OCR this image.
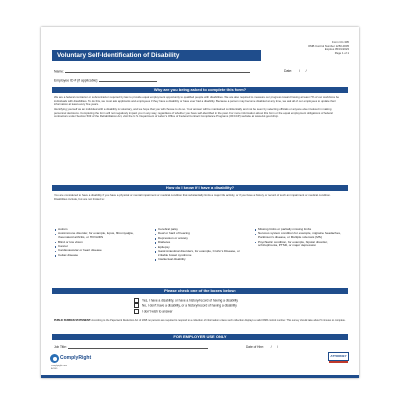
Form CC-305
OMB Control Number 1250-0005
Expires 05/31/2023
Page 1 of 1
Voluntary Self-Identification of Disability
Name:	Date: /      /
Employee ID # (if applicable):
Why are you being asked to complete this form?

We are a federal contractor or subcontractor required by law to provide equal employment opportunity to qualified people with disabilities. We are also required to measure our progress toward having at least 7% of our workforce be individuals with disabilities. To do this, we must ask applicants and employees if they have a disability or have ever had a disability. Because a person may become disabled at any time, we ask all of our employees to update their information at least every five years.

Identifying yourself as an individual with a disability is voluntary, and we hope that you will choose to do so. Your answer will be maintained confidentially and not be seen by selecting officials or anyone else involved in making personnel decisions. Completing the form will not negatively impact you in any way, regardless of whether you have self-identified in the past. For more information about this form or the equal employment obligations of federal contractors under Section 503 of the Rehabilitation Act, visit the U.S. Department of Labor's Office of Federal Contract Compliance Programs (OFCCP) website at www.dol.gov/ofccp.

How do I know if I have a disability?
You are considered to have a disability if you have a physical or mental impairment or medical condition that substantially limits a major life activity, or if you have a history or record of such an impairment or medical condition. Disabilities include, but are not limited to:
Autism
Autoimmune disorder, for example, lupus, fibromyalgia, rheumatoid arthritis, or HIV/AIDS
Blind or low vision
Cancer
Cardiovascular or heart disease
Celiac disease
Cerebral palsy
Deaf or hard of hearing
Depression or anxiety
Diabetes
Epilepsy
Gastrointestinal disorders, for example, Crohn's Disease, or irritable bowel syndrome
Intellectual disability
Missing limbs or partially missing limbs
Nervous system condition for example, migraine headaches, Parkinson's disease, or Multiple sclerosis (MS)
Psychiatric condition, for example, bipolar disorder, schizophrenia, PTSD, or major depression
Please check one of the boxes below:
Yes, I have a disability, or have a history/record of having a disability
No, I don't have a disability, or a history/record of having a disability
I don't wish to answer
PUBLIC BURDEN STATEMENT: According to the Paperwork Reduction Act of 1995 no persons are required to respond to a collection of information unless such collection displays a valid OMB control number. This survey should take about 5 minutes to complete.
FOR EMPLOYER USE ONLY
Job Title:	Date of Hire: /      /
ComplyRight
complyright.com
A2345
ATTORNEY
